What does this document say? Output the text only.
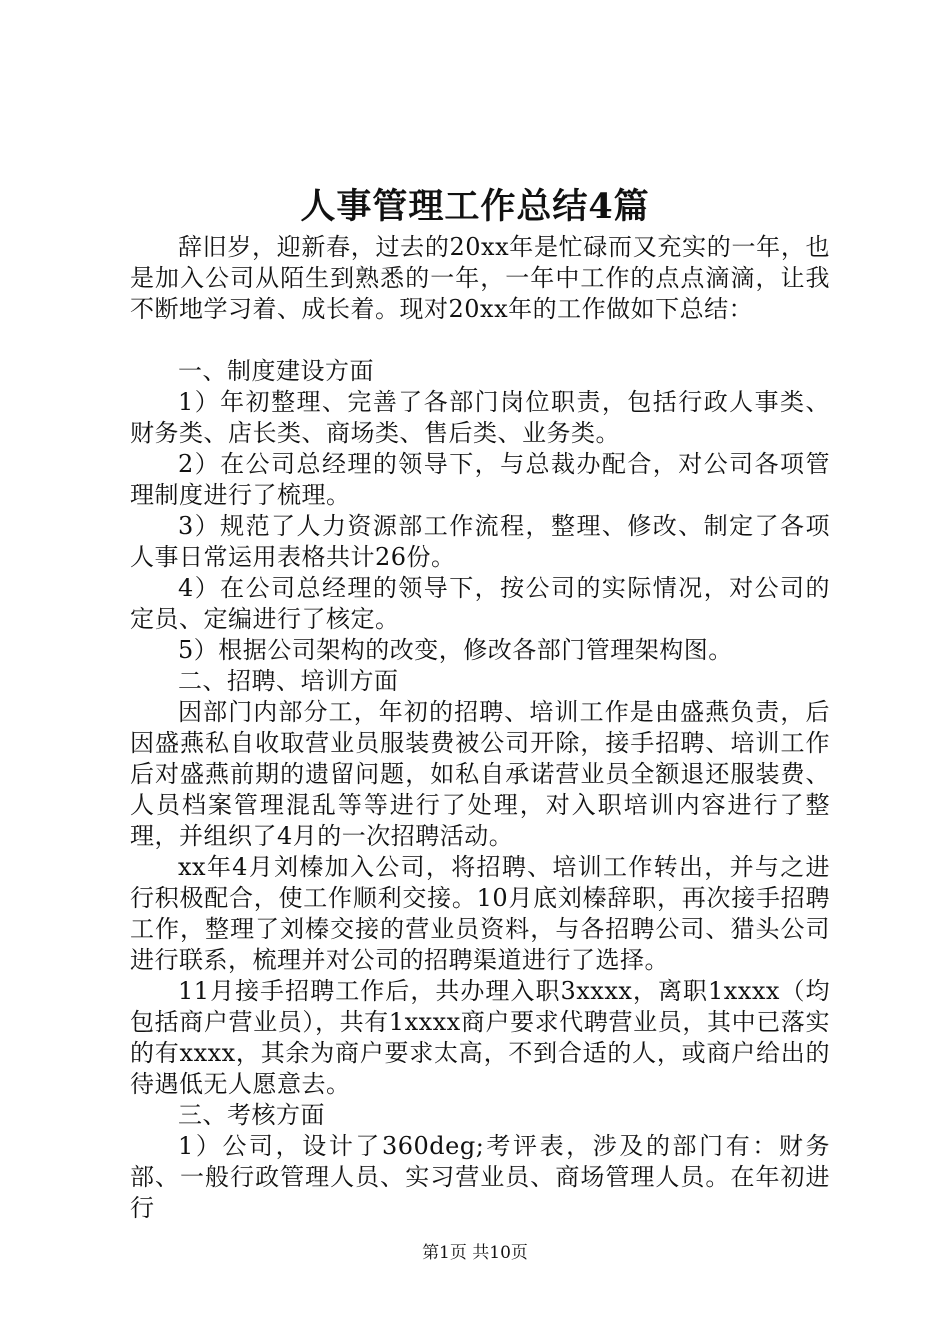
人事管理工作总结4篇

辞旧岁，迎新春，过去的20xx年是忙碌而又充实的一年，也是加入公司从陌生到熟悉的一年，一年中工作的点点滴滴，让我不断地学习着、成长着。现对20xx年的工作做如下总结：

一、制度建设方面

1）年初整理、完善了各部门岗位职责，包括行政人事类、财务类、店长类、商场类、售后类、业务类。

2）在公司总经理的领导下，与总裁办配合，对公司各项管理制度进行了梳理。

3）规范了人力资源部工作流程，整理、修改、制定了各项人事日常运用表格共计26份。

4）在公司总经理的领导下，按公司的实际情况，对公司的定员、定编进行了核定。

5）根据公司架构的改变，修改各部门管理架构图。

二、招聘、培训方面

因部门内部分工，年初的招聘、培训工作是由盛燕负责，后因盛燕私自收取营业员服装费被公司开除，接手招聘、培训工作后对盛燕前期的遗留问题，如私自承诺营业员全额退还服装费、人员档案管理混乱等等进行了处理，对入职培训内容进行了整理，并组织了4月的一次招聘活动。

xx年4月刘榛加入公司，将招聘、培训工作转出，并与之进行积极配合，使工作顺利交接。10月底刘榛辞职，再次接手招聘工作，整理了刘榛交接的营业员资料，与各招聘公司、猎头公司进行联系，梳理并对公司的招聘渠道进行了选择。

11月接手招聘工作后，共办理入职3xxxx，离职1xxxx（均包括商户营业员），共有1xxxx商户要求代聘营业员，其中已落实的有xxxx，其余为商户要求太高，不到合适的人，或商户给出的待遇低无人愿意去。

三、考核方面

1）公司，设计了360deg;考评表，涉及的部门有：财务部、一般行政管理人员、实习营业员、商场管理人员。在年初进行

第1页 共10页
